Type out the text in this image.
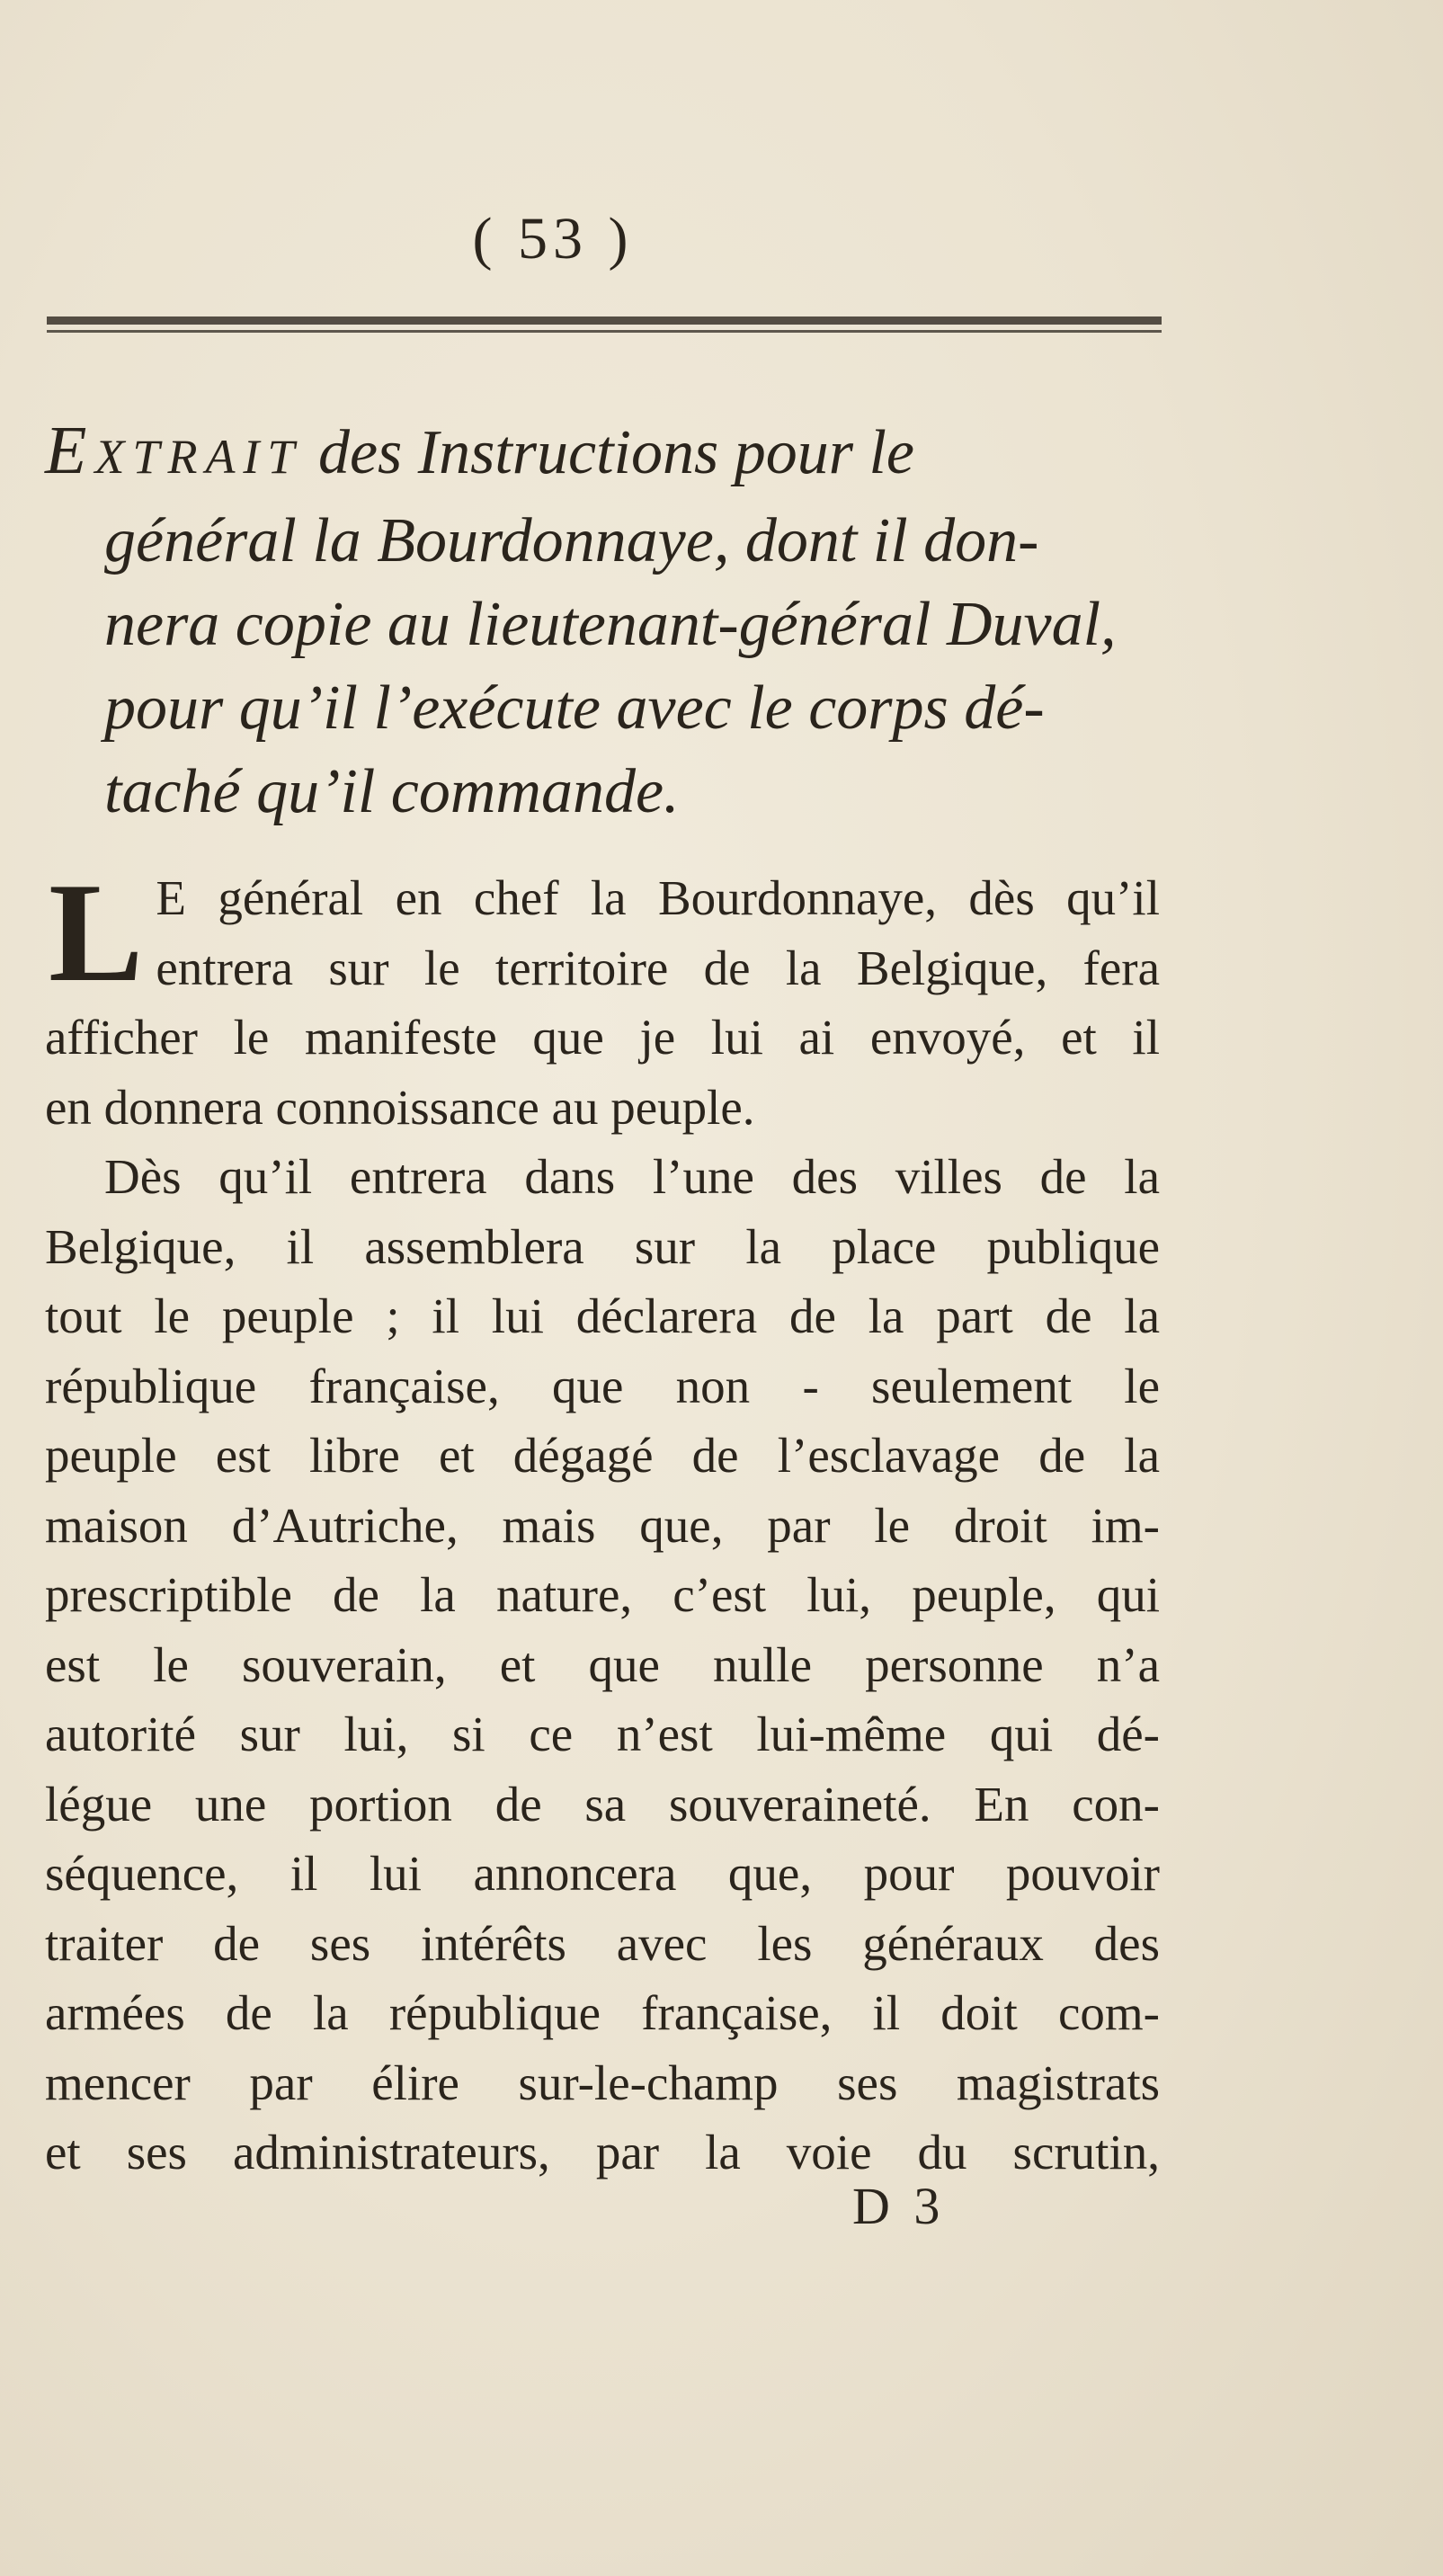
( 53 )
EXTRAIT des Instructions pour le
général la Bourdonnaye, dont il don-
nera copie au lieutenant-général Duval,
pour qu’il l’exécute avec le corps dé-
taché qu’il commande.
L E général en chef la Bourdonnaye, dès qu’il
entrera sur le territoire de la Belgique, fera
afficher le manifeste que je lui ai envoyé, et il
en donnera connoissance au peuple.
Dès qu’il entrera dans l’une des villes de la
Belgique, il assemblera sur la place publique
tout le peuple ; il lui déclarera de la part de la
république française, que non - seulement le
peuple est libre et dégagé de l’esclavage de la
maison d’Autriche, mais que, par le droit im-
prescriptible de la nature, c’est lui, peuple, qui
est le souverain, et que nulle personne n’a
autorité sur lui, si ce n’est lui-même qui dé-
légue une portion de sa souveraineté. En con-
séquence, il lui annoncera que, pour pouvoir
traiter de ses intérêts avec les généraux des
armées de la république française, il doit com-
mencer par élire sur-le-champ ses magistrats
et ses administrateurs, par la voie du scrutin,
D 3
